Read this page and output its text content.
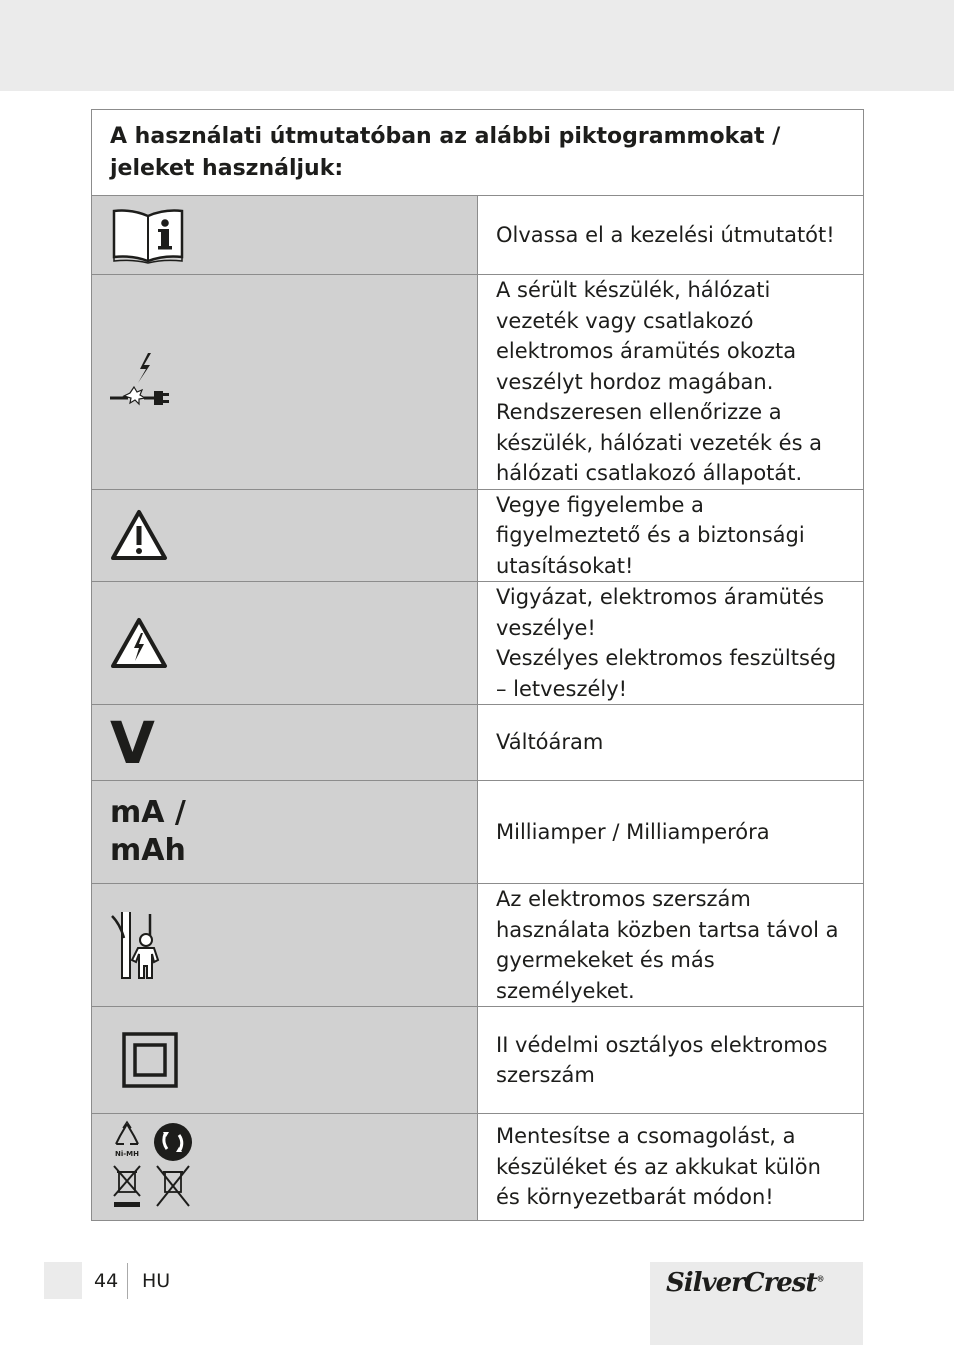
A használati útmutatóban az alábbi piktogrammokat / jeleket használjuk:	

	Olvassa el a kezelési útmutatót!

	A sérült készülék, hálózati vezeték vagy csatlakozó elektromos áramütés okozta veszélyt hordoz magában. Rendszeresen ellenőrizze a készülék, hálózati vezeték és a hálózati csatlakozó állapotát.

	Vegye figyelembe a figyelmeztető és a biztonsági utasításokat!

	Vigyázat, elektromos áramütés veszélye!
Veszélyes elektromos feszültség – letveszély!

V	Váltóáram

mA / mAh	Milliamper / Milliamperóra

	Az elektromos szerszám használata közben tartsa távol a gyermekeket és más személyeket.

	II védelmi osztályos elektromos szerszám

Ni-MH	Mentesítse a csomagolást, a készüléket és az akkukat külön és környezetbarát módon!
44 HU	SilverCrest®
